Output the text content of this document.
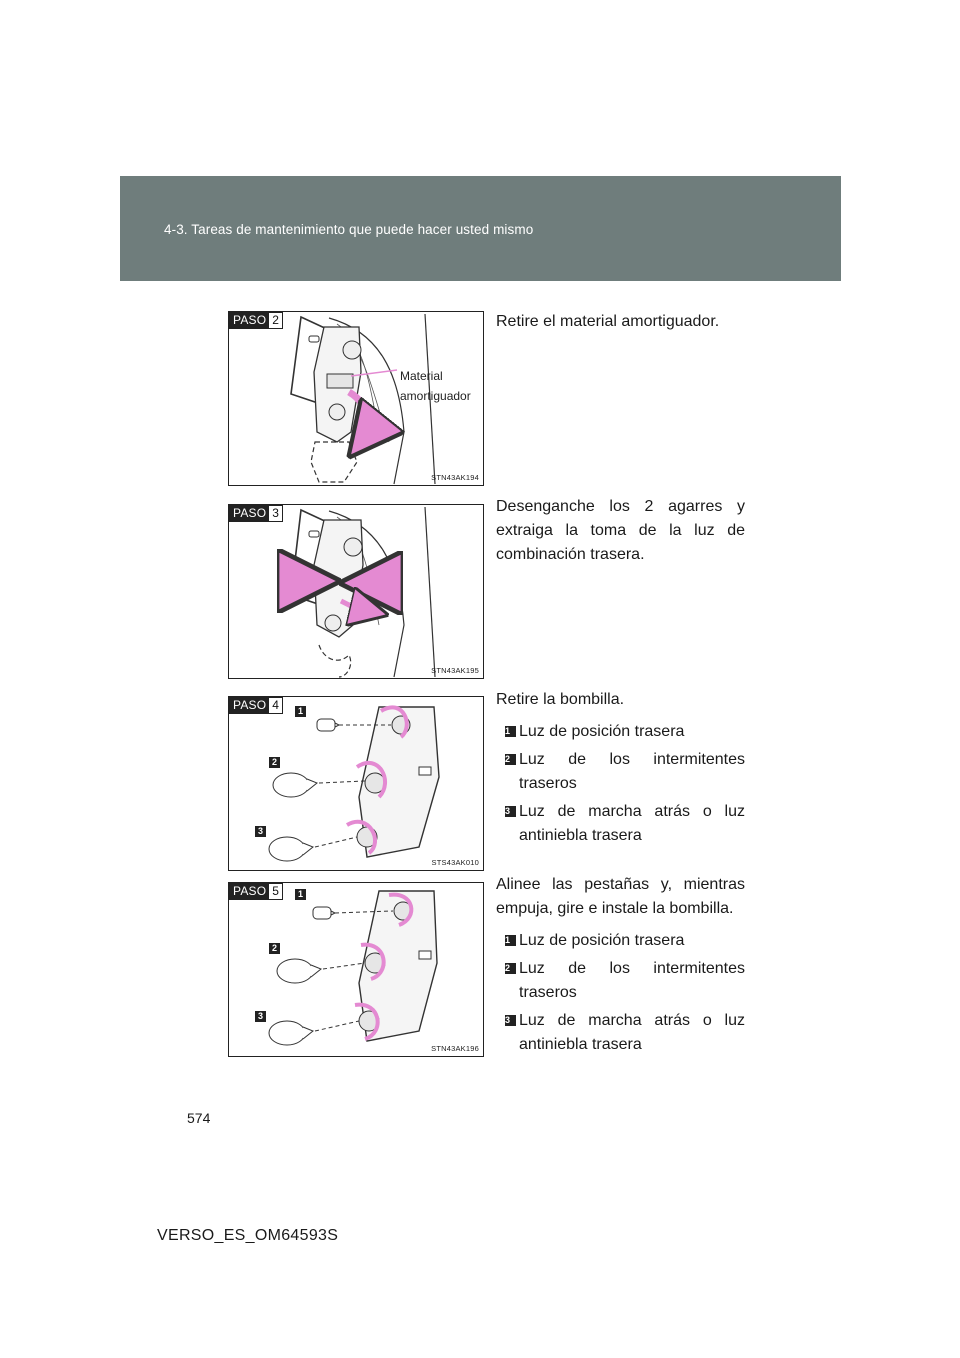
4-3. Tareas de mantenimiento que puede hacer usted mismo
PASO 2
Material
amortiguador
STN43AK194

Retire el material amortiguador.

PASO 3
STN43AK195

Desenganche los 2 agarres y extraiga la toma de la luz de combinación trasera.

PASO 4	1
2
3
STS43AK010

Retire la bombilla.

1 Luz de posición trasera
2 Luz de los intermitentes traseros
3 Luz de marcha atrás o luz antiniebla trasera
PASO 5	1
2
3
STN43AK196

Alinee las pestañas y, mientras empuja, gire e instale la bombilla.

1 Luz de posición trasera
2 Luz de los intermitentes traseros
3 Luz de marcha atrás o luz antiniebla trasera
574
VERSO_ES_OM64593S
